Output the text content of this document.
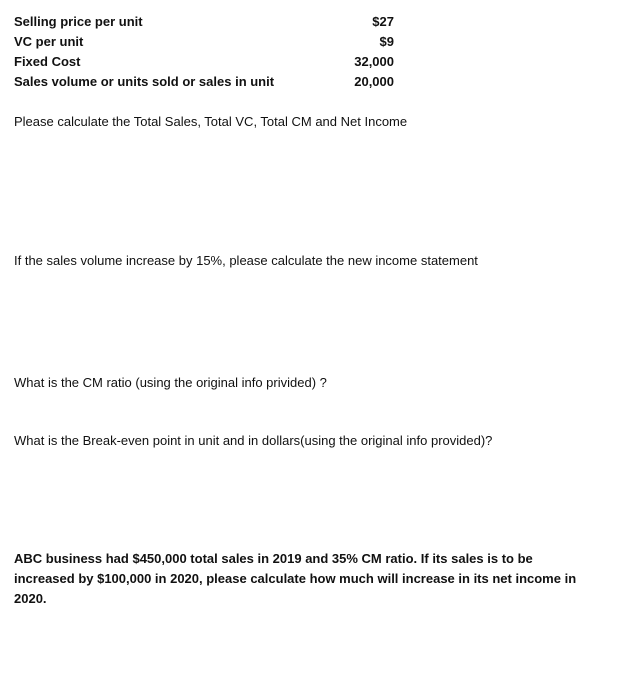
Selling price per unit	$27
VC per unit	$9
Fixed Cost	32,000
Sales volume or units sold or sales in unit	20,000
Please calculate the Total Sales, Total VC, Total CM and Net Income
If the sales volume increase by 15%, please calculate the new income statement
What is the CM ratio (using the original info privided) ?
What is the Break-even point in unit and in dollars(using the original info provided)?
ABC business had $450,000 total sales in 2019 and 35% CM ratio. If its sales is to be increased by $100,000 in 2020, please calculate how much will increase in its net income in 2020.
